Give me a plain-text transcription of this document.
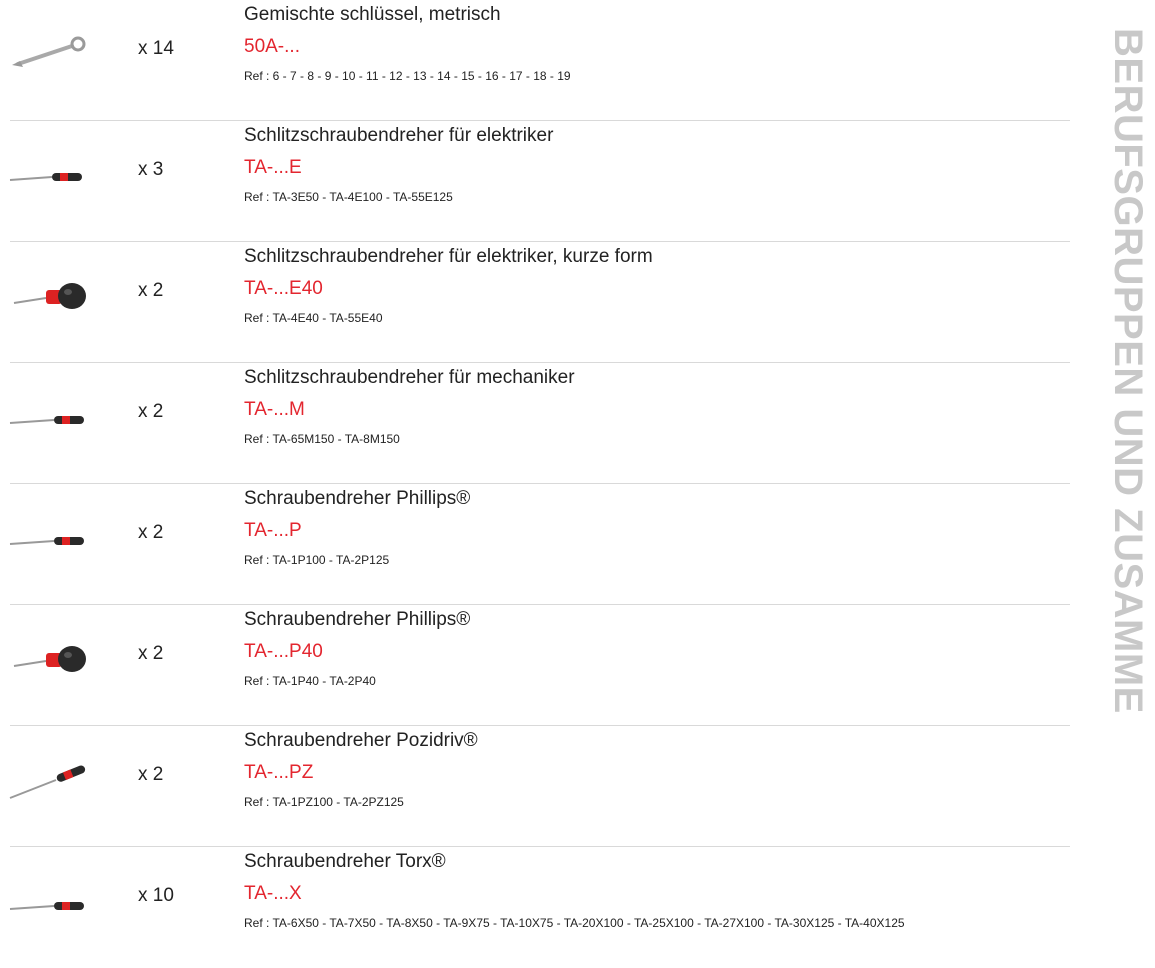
x 14
Gemischte schlüssel, metrisch
50A-...
Ref : 6 - 7 - 8 - 9 - 10 - 11 - 12 - 13 - 14 - 15 - 16 - 17 - 18 - 19
x 3
Schlitzschraubendreher für elektriker
TA-...E
Ref : TA-3E50 - TA-4E100 - TA-55E125
x 2
Schlitzschraubendreher für elektriker, kurze form
TA-...E40
Ref : TA-4E40 - TA-55E40
x 2
Schlitzschraubendreher für mechaniker
TA-...M
Ref : TA-65M150 - TA-8M150
x 2
Schraubendreher Phillips®
TA-...P
Ref : TA-1P100 - TA-2P125
x 2
Schraubendreher Phillips®
TA-...P40
Ref : TA-1P40 - TA-2P40
x 2
Schraubendreher Pozidriv®
TA-...PZ
Ref : TA-1PZ100 - TA-2PZ125
x 10
Schraubendreher Torx®
TA-...X
Ref : TA-6X50 - TA-7X50 - TA-8X50 - TA-9X75 - TA-10X75 - TA-20X100 - TA-25X100 - TA-27X100 - TA-30X125 - TA-40X125
BERUFSGRUPPEN UND ZUSAMME
